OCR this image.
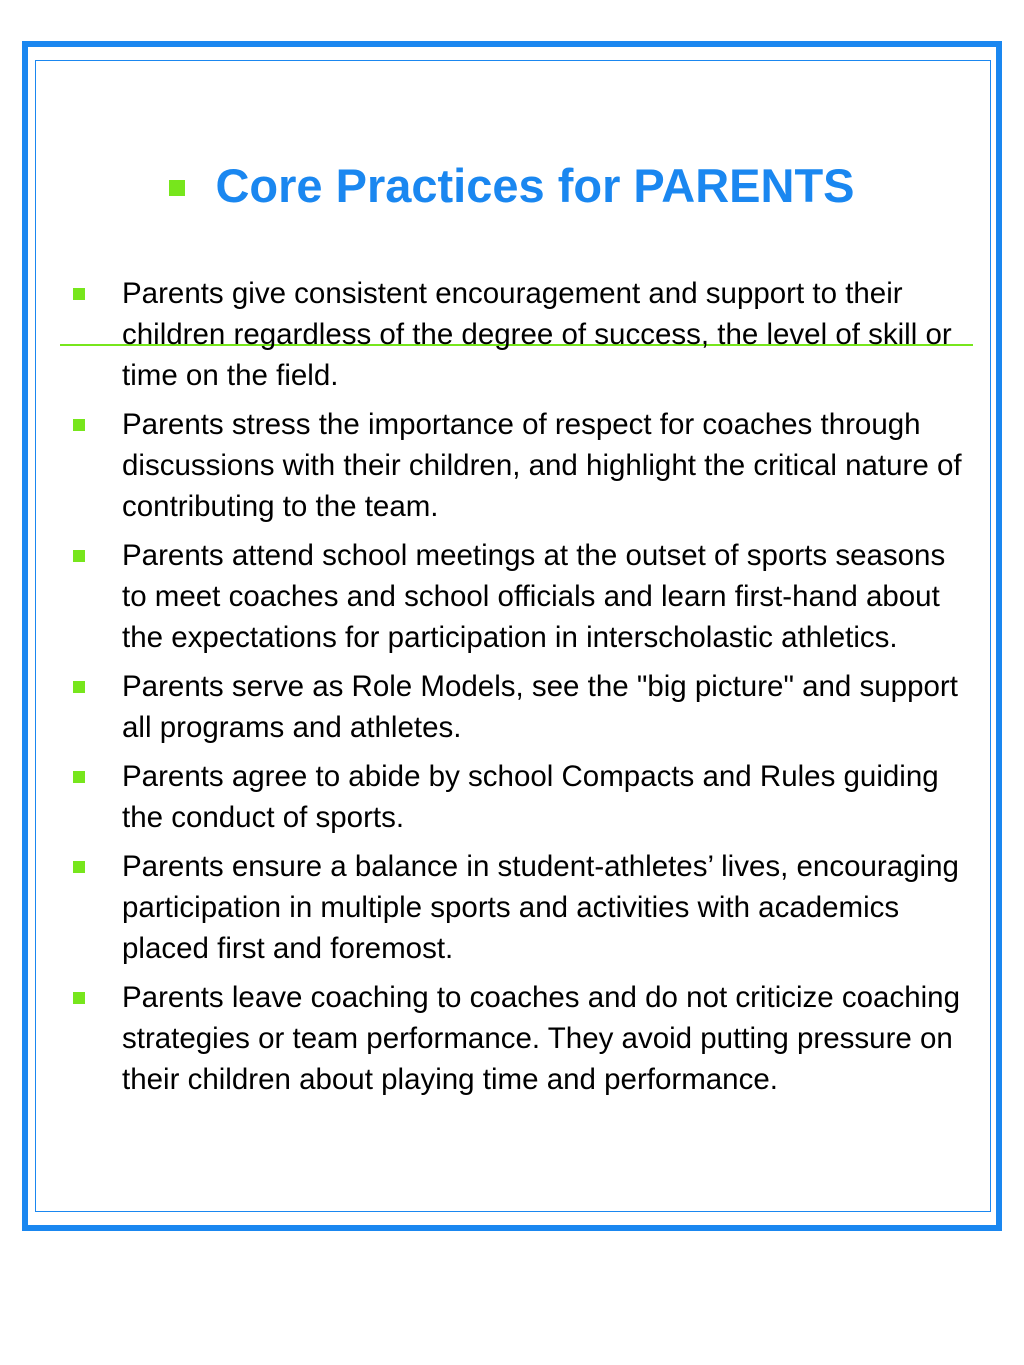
Core Practices for PARENTS
Parents give consistent encouragement and support to their children regardless of the degree of success, the level of skill or time on the field.
Parents stress the importance of respect for coaches through discussions with their children, and highlight the critical nature of contributing to the team.
Parents attend school meetings at the outset of sports seasons to meet coaches and school officials and learn first-hand about the expectations for participation in interscholastic athletics.
Parents serve as Role Models, see the "big picture" and support all programs and athletes.
Parents agree to abide by school Compacts and Rules guiding the conduct of sports.
Parents ensure a balance in student-athletes’ lives, encouraging participation in multiple sports and activities with academics placed first and foremost.
Parents leave coaching to coaches and do not criticize coaching strategies or team performance. They avoid putting pressure on their children about playing time and performance.
